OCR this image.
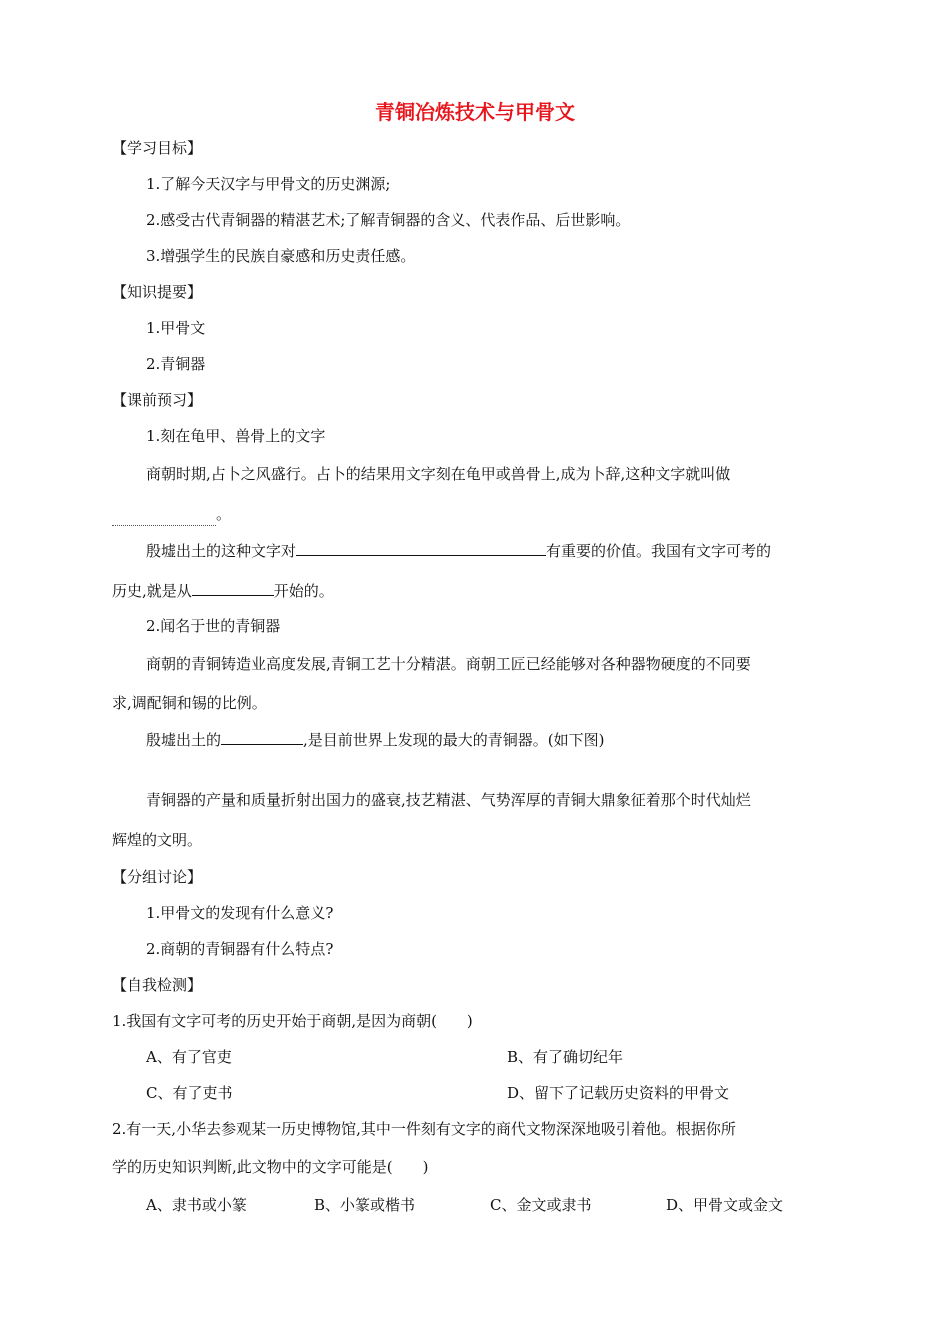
青铜冶炼技术与甲骨文
【学习目标】
1.了解今天汉字与甲骨文的历史渊源;
2.感受古代青铜器的精湛艺术;了解青铜器的含义、代表作品、后世影响。
3.增强学生的民族自豪感和历史责任感。
【知识提要】
1.甲骨文
2.青铜器
【课前预习】
1.刻在龟甲、兽骨上的文字
商朝时期,占卜之风盛行。占卜的结果用文字刻在龟甲或兽骨上,成为卜辞,这种文字就叫做
。
殷墟出土的这种文字对	有重要的价值。我国有文字可考的
历史,就是从	开始的。
2.闻名于世的青铜器
商朝的青铜铸造业高度发展,青铜工艺十分精湛。商朝工匠已经能够对各种器物硬度的不同要
求,调配铜和锡的比例。
殷墟出土的	,是目前世界上发现的最大的青铜器。(如下图)
青铜器的产量和质量折射出国力的盛衰,技艺精湛、气势浑厚的青铜大鼎象征着那个时代灿烂
辉煌的文明。
【分组讨论】
1.甲骨文的发现有什么意义?
2.商朝的青铜器有什么特点?
【自我检测】
1.我国有文字可考的历史开始于商朝,是因为商朝(　　)
A、有了官吏	B、有了确切纪年
C、有了吏书	D、留下了记载历史资料的甲骨文
2.有一天,小华去参观某一历史博物馆,其中一件刻有文字的商代文物深深地吸引着他。根据你所
学的历史知识判断,此文物中的文字可能是(　　)
A、隶书或小篆	B、小篆或楷书	C、金文或隶书	D、甲骨文或金文
